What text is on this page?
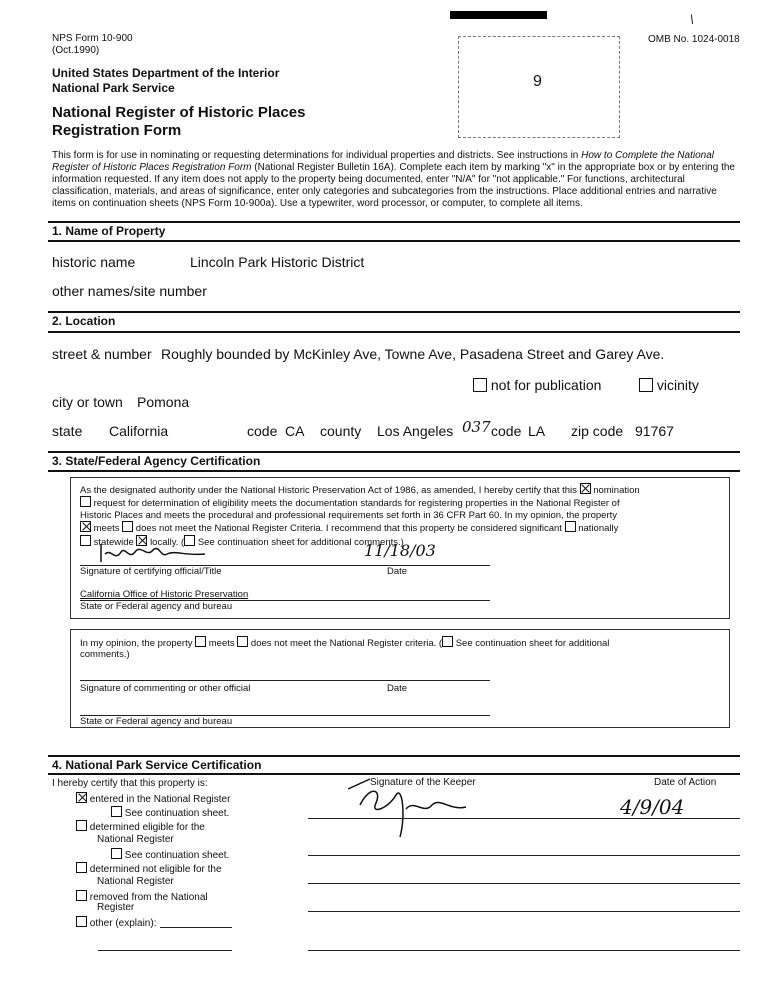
NPS Form 10-900
(Oct.1990)
OMB No. 1024-0018
\
United States Department of the Interior
National Park Service
National Register of Historic Places
Registration Form
9
This form is for use in nominating or requesting determinations for individual properties and districts. See instructions in How to Complete the National Register of Historic Places Registration Form (National Register Bulletin 16A). Complete each item by marking "x" in the appropriate box or by entering the information requested. If any item does not apply to the property being documented, enter "N/A" for "not applicable." For functions, architectural classification, materials, and areas of significance, enter only categories and subcategories from the instructions. Place additional entries and narrative items on continuation sheets (NPS Form 10-900a). Use a typewriter, word processor, or computer, to complete all items.
1. Name of Property
historic name	Lincoln Park Historic District
other names/site number
2. Location
street & number Roughly bounded by McKinley Ave, Towne Ave, Pasadena Street and Garey Ave.
not for publication	vicinity
city or town Pomona
state California	code CA county Los Angeles 037 code LA zip code 91767
3. State/Federal Agency Certification
As the designated authority under the National Historic Preservation Act of 1986, as amended, I hereby certify that this nomination
request for determination of eligibility meets the documentation standards for registering properties in the National Register of
Historic Places and meets the procedural and professional requirements set forth in 36 CFR Part 60. In my opinion, the property
meets does not meet the National Register Criteria. I recommend that this property be considered significant nationally
statewide locally. ( See continuation sheet for additional comments.)
11/18/03
Signature of certifying official/Title	Date
California Office of Historic Preservation
State or Federal agency and bureau
In my opinion, the property meets does not meet the National Register criteria. ( See continuation sheet for additional
comments.)
Signature of commenting or other official	Date
State or Federal agency and bureau
4. National Park Service Certification
I hereby certify that this property is:
entered in the National Register
See continuation sheet.
determined eligible for the
National Register
See continuation sheet.
determined not eligible for the
National Register
removed from the National
Register
other (explain):
Signature of the Keeper	Date of Action
4/9/04
